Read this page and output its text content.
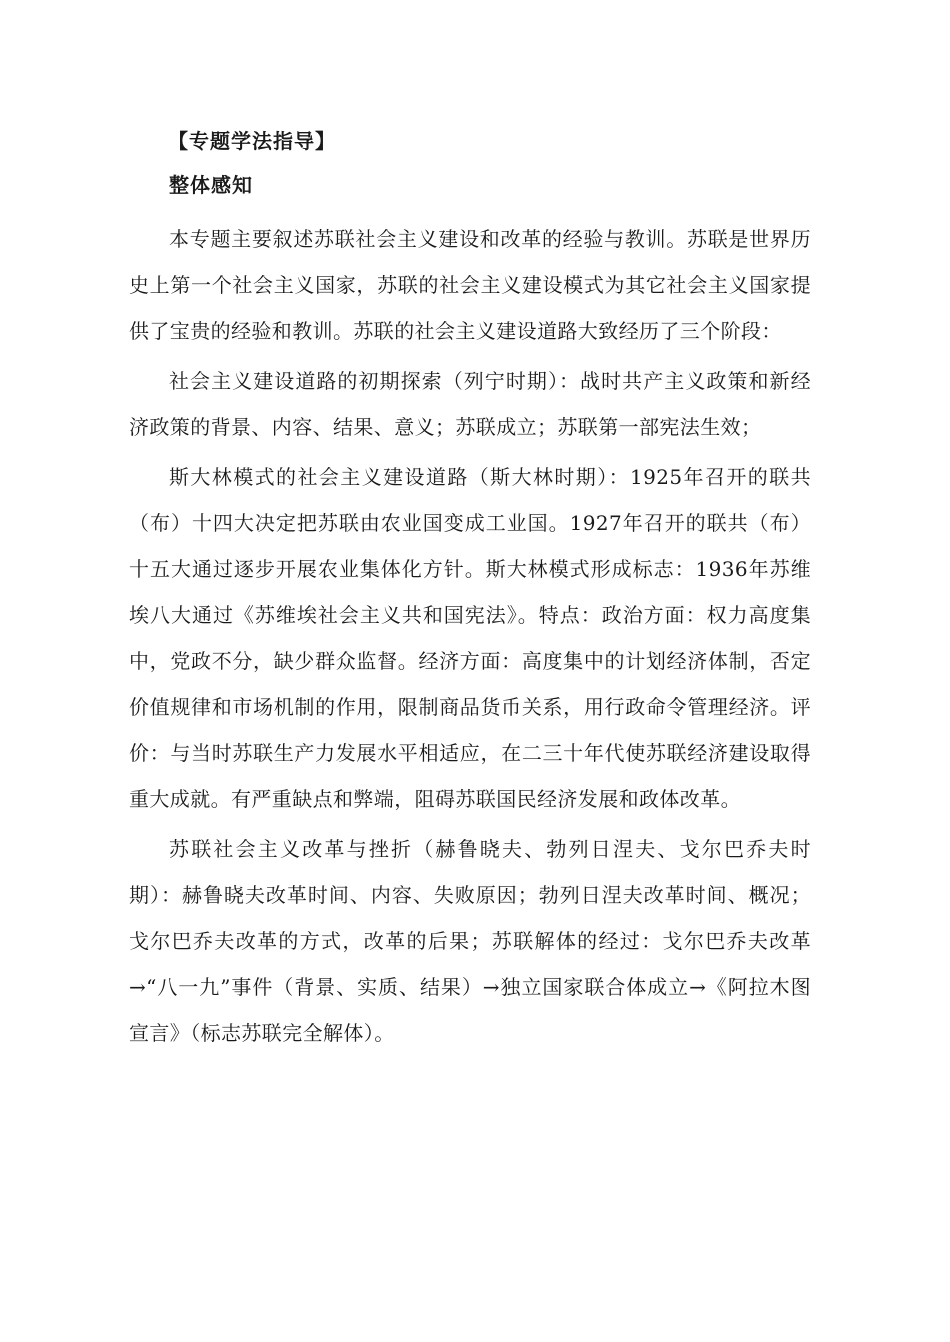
【专题学法指导】
整体感知

本专题主要叙述苏联社会主义建设和改革的经验与教训。苏联是世界历史上第一个社会主义国家，苏联的社会主义建设模式为其它社会主义国家提供了宝贵的经验和教训。苏联的社会主义建设道路大致经历了三个阶段：

社会主义建设道路的初期探索（列宁时期）：战时共产主义政策和新经济政策的背景、内容、结果、意义；苏联成立；苏联第一部宪法生效；

斯大林模式的社会主义建设道路（斯大林时期）：1925年召开的联共（布）十四大决定把苏联由农业国变成工业国。1927年召开的联共（布）十五大通过逐步开展农业集体化方针。斯大林模式形成标志：1936年苏维埃八大通过《苏维埃社会主义共和国宪法》。特点：政治方面：权力高度集中，党政不分，缺少群众监督。经济方面：高度集中的计划经济体制，否定价值规律和市场机制的作用，限制商品货币关系，用行政命令管理经济。评价：与当时苏联生产力发展水平相适应，在二三十年代使苏联经济建设取得重大成就。有严重缺点和弊端，阻碍苏联国民经济发展和政体改革。

苏联社会主义改革与挫折（赫鲁晓夫、勃列日涅夫、戈尔巴乔夫时期）：赫鲁晓夫改革时间、内容、失败原因；勃列日涅夫改革时间、概况；戈尔巴乔夫改革的方式，改革的后果；苏联解体的经过：戈尔巴乔夫改革→“八一九”事件（背景、实质、结果）→独立国家联合体成立→《阿拉木图宣言》（标志苏联完全解体）。
